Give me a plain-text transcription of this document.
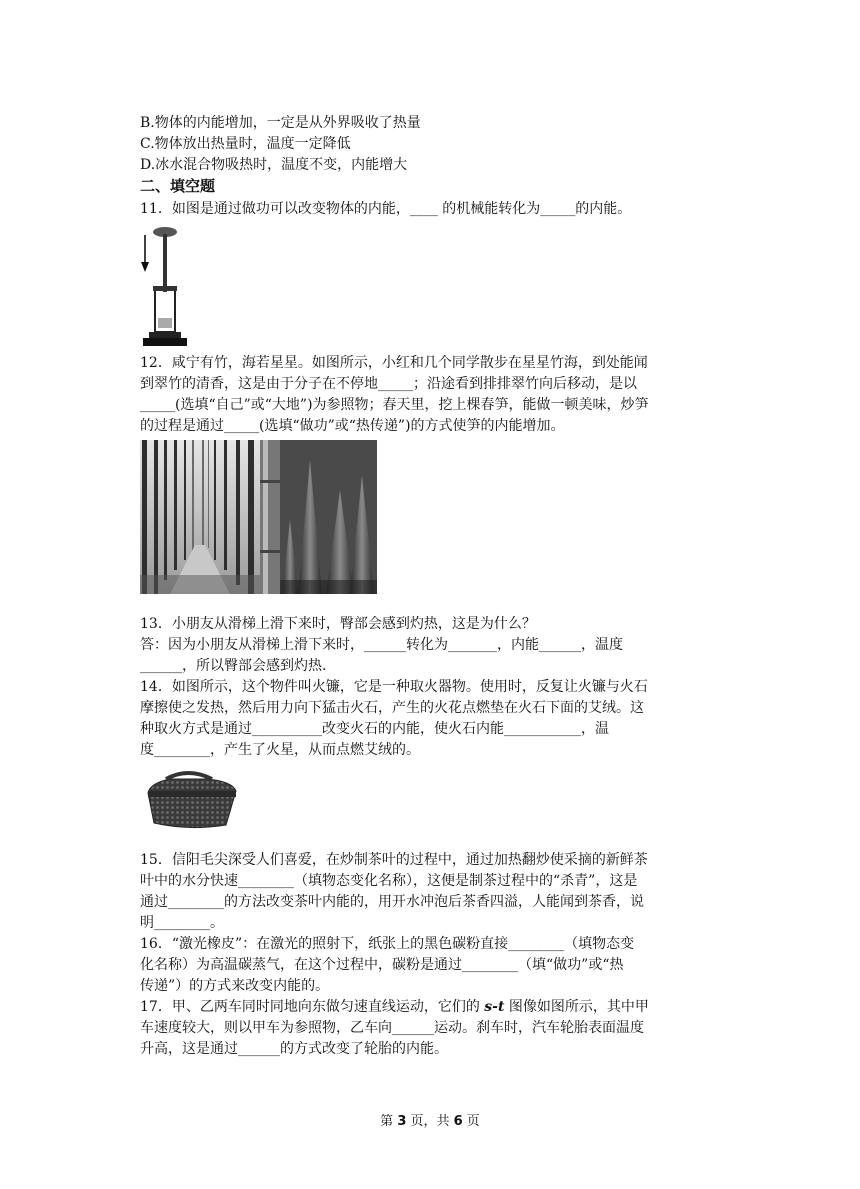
B.物体的内能增加，一定是从外界吸收了热量
C.物体放出热量时，温度一定降低
D.冰水混合物吸热时，温度不变，内能增大
二、填空题
11．如图是通过做功可以改变物体的内能，____ 的机械能转化为_____的内能。
12．咸宁有竹，海若星星。如图所示，小红和几个同学散步在星星竹海，到处能闻
到翠竹的清香，这是由于分子在不停地_____；沿途看到排排翠竹向后移动，是以
_____(选填“自己”或“大地”)为参照物；春天里，挖上棵春笋，能做一顿美味，炒笋
的过程是通过_____(选填“做功”或“热传递”)的方式使笋的内能增加。
13．小朋友从滑梯上滑下来时，臀部会感到灼热，这是为什么？
答：因为小朋友从滑梯上滑下来时，______转化为_______，内能______，温度
______，所以臀部会感到灼热.
14．如图所示，这个物件叫火镰，它是一种取火器物。使用时，反复让火镰与火石
摩擦使之发热，然后用力向下猛击火石，产生的火花点燃垫在火石下面的艾绒。这
种取火方式是通过__________改变火石的内能，使火石内能___________，温
度________，产生了火星，从而点燃艾绒的。
15．信阳毛尖深受人们喜爱，在炒制茶叶的过程中，通过加热翻炒使采摘的新鲜茶
叶中的水分快速________（填物态变化名称），这便是制茶过程中的“杀青”，这是
通过________的方法改变茶叶内能的，用开水冲泡后茶香四溢，人能闻到茶香，说
明________。
16．“激光橡皮”：在激光的照射下，纸张上的黑色碳粉直接________（填物态变
化名称）为高温碳蒸气，在这个过程中，碳粉是通过________（填“做功”或“热
传递”）的方式来改变内能的。
17．甲、乙两车同时同地向东做匀速直线运动，它们的 s-t 图像如图所示，其中甲
车速度较大，则以甲车为参照物，乙车向______运动。刹车时，汽车轮胎表面温度
升高，这是通过______的方式改变了轮胎的内能。
第 3 页，共 6 页
